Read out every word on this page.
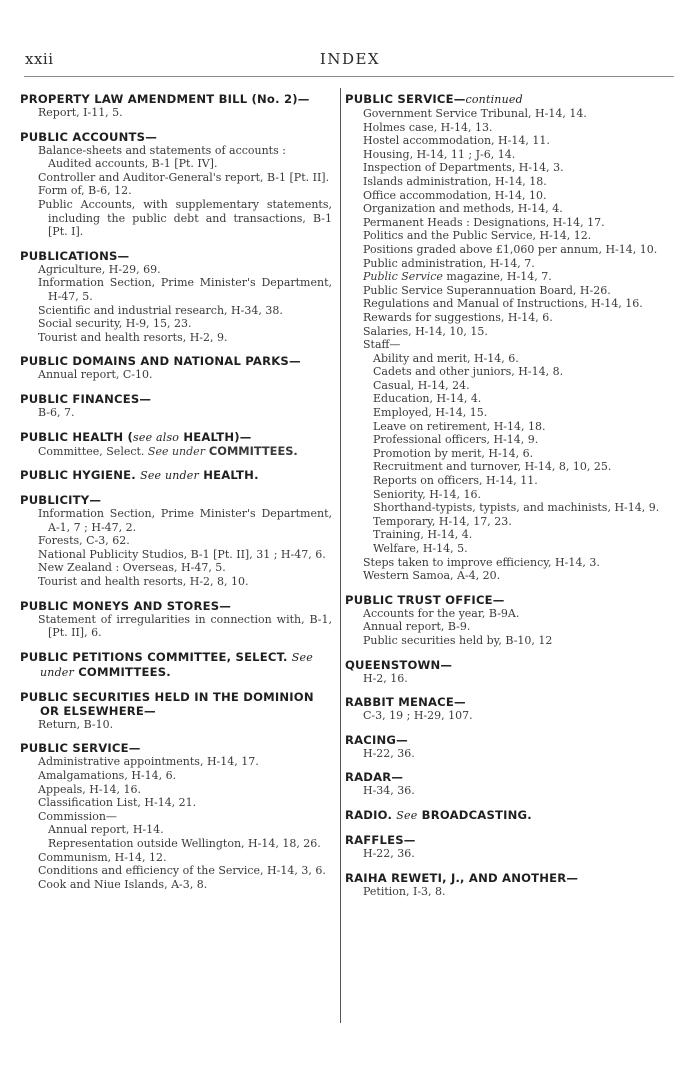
xxii	INDEX
PROPERTY LAW AMENDMENT BILL (No. 2)—
Report, I-11, 5.
PUBLIC ACCOUNTS—
Balance-sheets and statements of accounts :
Audited accounts, B-1 [Pt. IV].
Controller and Auditor-General's report, B-1 [Pt. II].
Form of, B-6, 12.
Public Accounts, with supplementary statements, including the public debt and transactions, B-1 [Pt. I].
PUBLICATIONS—
Agriculture, H-29, 69.
Information Section, Prime Minister's Department, H-47, 5.
Scientific and industrial research, H-34, 38.
Social security, H-9, 15, 23.
Tourist and health resorts, H-2, 9.
PUBLIC DOMAINS AND NATIONAL PARKS—
Annual report, C-10.
PUBLIC FINANCES—
B-6, 7.
PUBLIC HEALTH (see also HEALTH)—
Committee, Select. See under COMMITTEES.
PUBLIC HYGIENE. See under HEALTH.
PUBLICITY—
Information Section, Prime Minister's Department, A-1, 7 ; H-47, 2.
Forests, C-3, 62.
National Publicity Studios, B-1 [Pt. II], 31 ; H-47, 6.
New Zealand : Overseas, H-47, 5.
Tourist and health resorts, H-2, 8, 10.
PUBLIC MONEYS AND STORES—
Statement of irregularities in connection with, B-1, [Pt. II], 6.
PUBLIC PETITIONS COMMITTEE, SELECT. See under COMMITTEES.
PUBLIC SECURITIES HELD IN THE DOMINION OR ELSEWHERE—
Return, B-10.
PUBLIC SERVICE—
Administrative appointments, H-14, 17.
Amalgamations, H-14, 6.
Appeals, H-14, 16.
Classification List, H-14, 21.
Commission—
Annual report, H-14.
Representation outside Wellington, H-14, 18, 26.
Communism, H-14, 12.
Conditions and efficiency of the Service, H-14, 3, 6.
Cook and Niue Islands, A-3, 8.
PUBLIC SERVICE—continued
Government Service Tribunal, H-14, 14.
Holmes case, H-14, 13.
Hostel accommodation, H-14, 11.
Housing, H-14, 11 ; J-6, 14.
Inspection of Departments, H-14, 3.
Islands administration, H-14, 18.
Office accommodation, H-14, 10.
Organization and methods, H-14, 4.
Permanent Heads : Designations, H-14, 17.
Politics and the Public Service, H-14, 12.
Positions graded above £1,060 per annum, H-14, 10.
Public administration, H-14, 7.
Public Service magazine, H-14, 7.
Public Service Superannuation Board, H-26.
Regulations and Manual of Instructions, H-14, 16.
Rewards for suggestions, H-14, 6.
Salaries, H-14, 10, 15.
Staff—
Ability and merit, H-14, 6.
Cadets and other juniors, H-14, 8.
Casual, H-14, 24.
Education, H-14, 4.
Employed, H-14, 15.
Leave on retirement, H-14, 18.
Professional officers, H-14, 9.
Promotion by merit, H-14, 6.
Recruitment and turnover, H-14, 8, 10, 25.
Reports on officers, H-14, 11.
Seniority, H-14, 16.
Shorthand-typists, typists, and machinists, H-14, 9.
Temporary, H-14, 17, 23.
Training, H-14, 4.
Welfare, H-14, 5.
Steps taken to improve efficiency, H-14, 3.
Western Samoa, A-4, 20.
PUBLIC TRUST OFFICE—
Accounts for the year, B-9A.
Annual report, B-9.
Public securities held by, B-10, 12
QUEENSTOWN—
H-2, 16.
RABBIT MENACE—
C-3, 19 ; H-29, 107.
RACING—
H-22, 36.
RADAR—
H-34, 36.
RADIO. See BROADCASTING.
RAFFLES—
H-22, 36.
RAIHA REWETI, J., AND ANOTHER—
Petition, I-3, 8.
